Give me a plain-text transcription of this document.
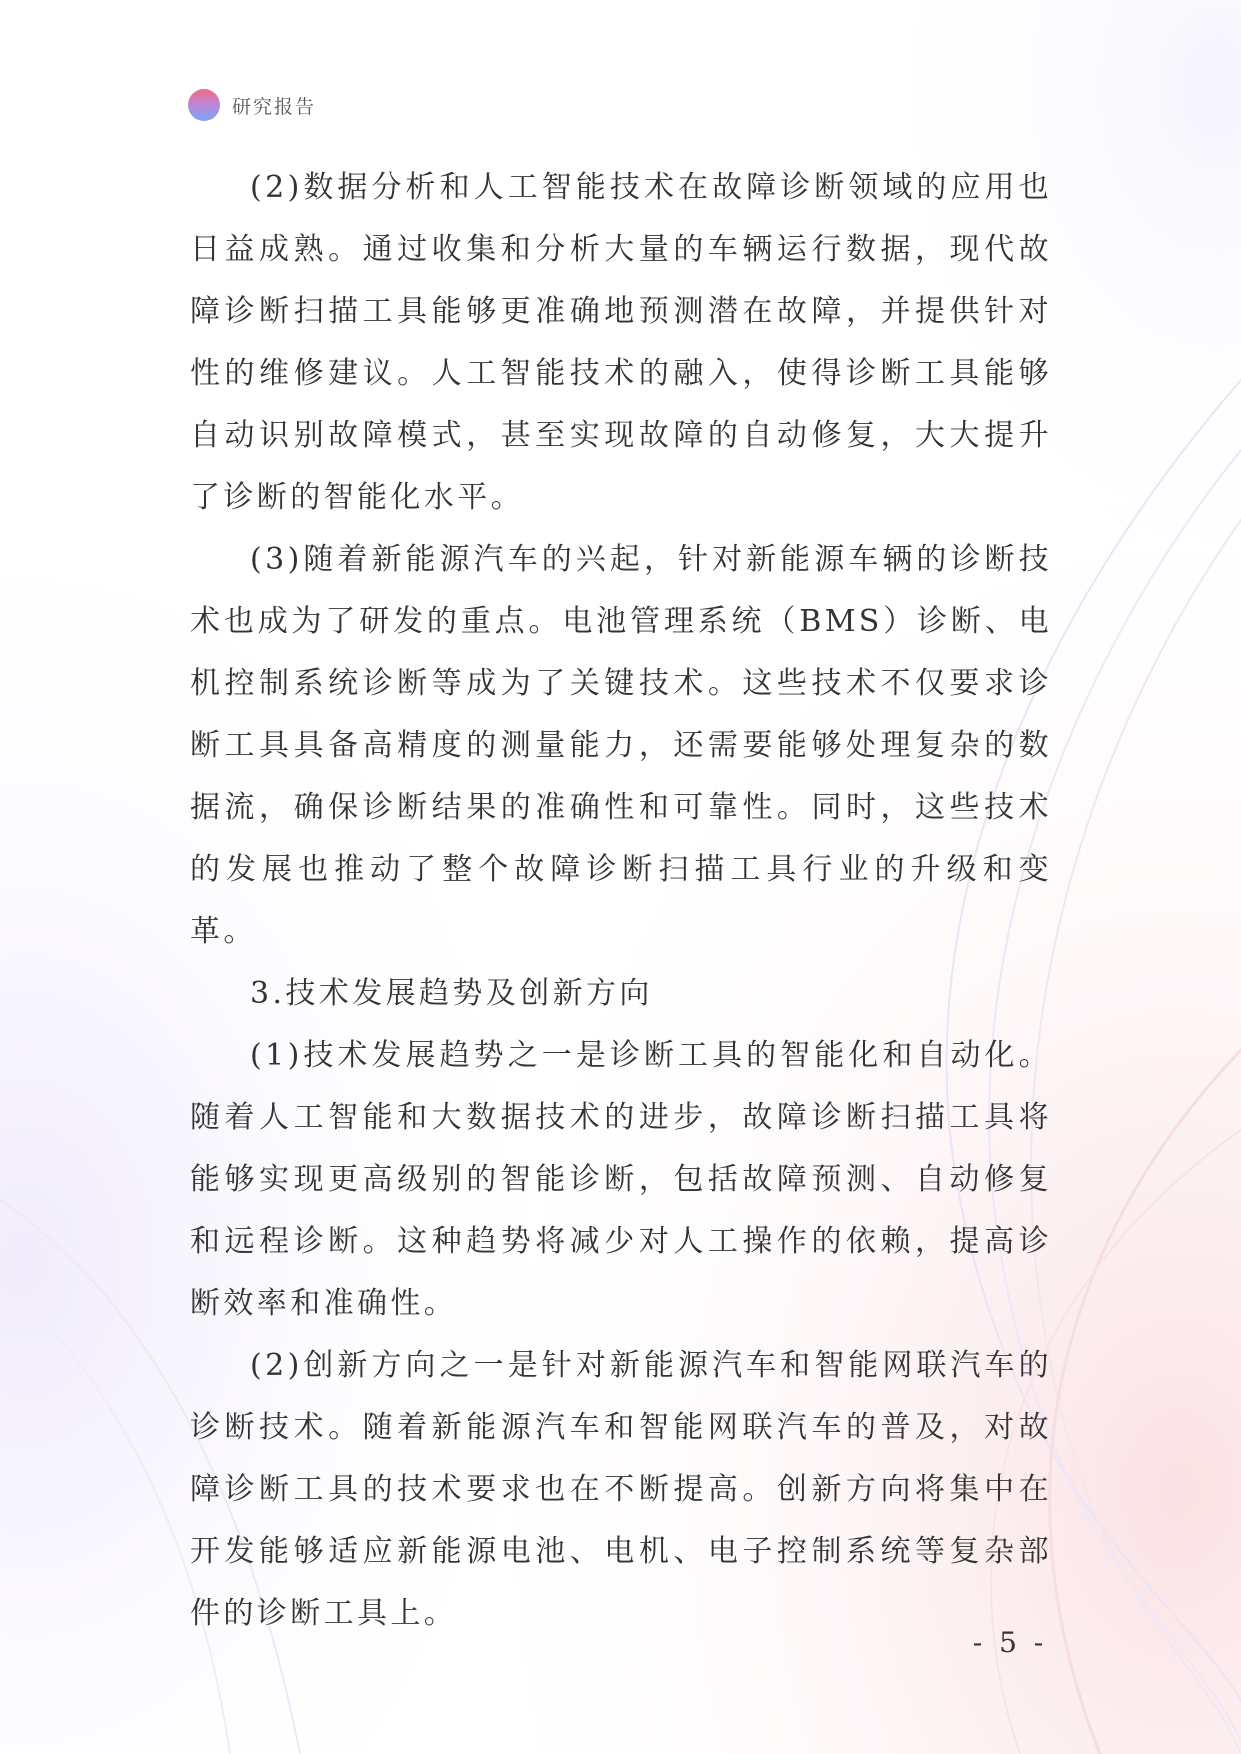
研究报告

(2)数据分析和人工智能技术在故障诊断领域的应用也日益成熟。通过收集和分析大量的车辆运行数据，现代故障诊断扫描工具能够更准确地预测潜在故障，并提供针对性的维修建议。人工智能技术的融入，使得诊断工具能够自动识别故障模式，甚至实现故障的自动修复，大大提升了诊断的智能化水平。

(3)随着新能源汽车的兴起，针对新能源车辆的诊断技术也成为了研发的重点。电池管理系统（BMS）诊断、电机控制系统诊断等成为了关键技术。这些技术不仅要求诊断工具具备高精度的测量能力，还需要能够处理复杂的数据流，确保诊断结果的准确性和可靠性。同时，这些技术的发展也推动了整个故障诊断扫描工具行业的升级和变革。

3.技术发展趋势及创新方向

(1)技术发展趋势之一是诊断工具的智能化和自动化。随着人工智能和大数据技术的进步，故障诊断扫描工具将能够实现更高级别的智能诊断，包括故障预测、自动修复和远程诊断。这种趋势将减少对人工操作的依赖，提高诊断效率和准确性。

(2)创新方向之一是针对新能源汽车和智能网联汽车的诊断技术。随着新能源汽车和智能网联汽车的普及，对故障诊断工具的技术要求也在不断提高。创新方向将集中在开发能够适应新能源电池、电机、电子控制系统等复杂部件的诊断工具上。

- 5 -
